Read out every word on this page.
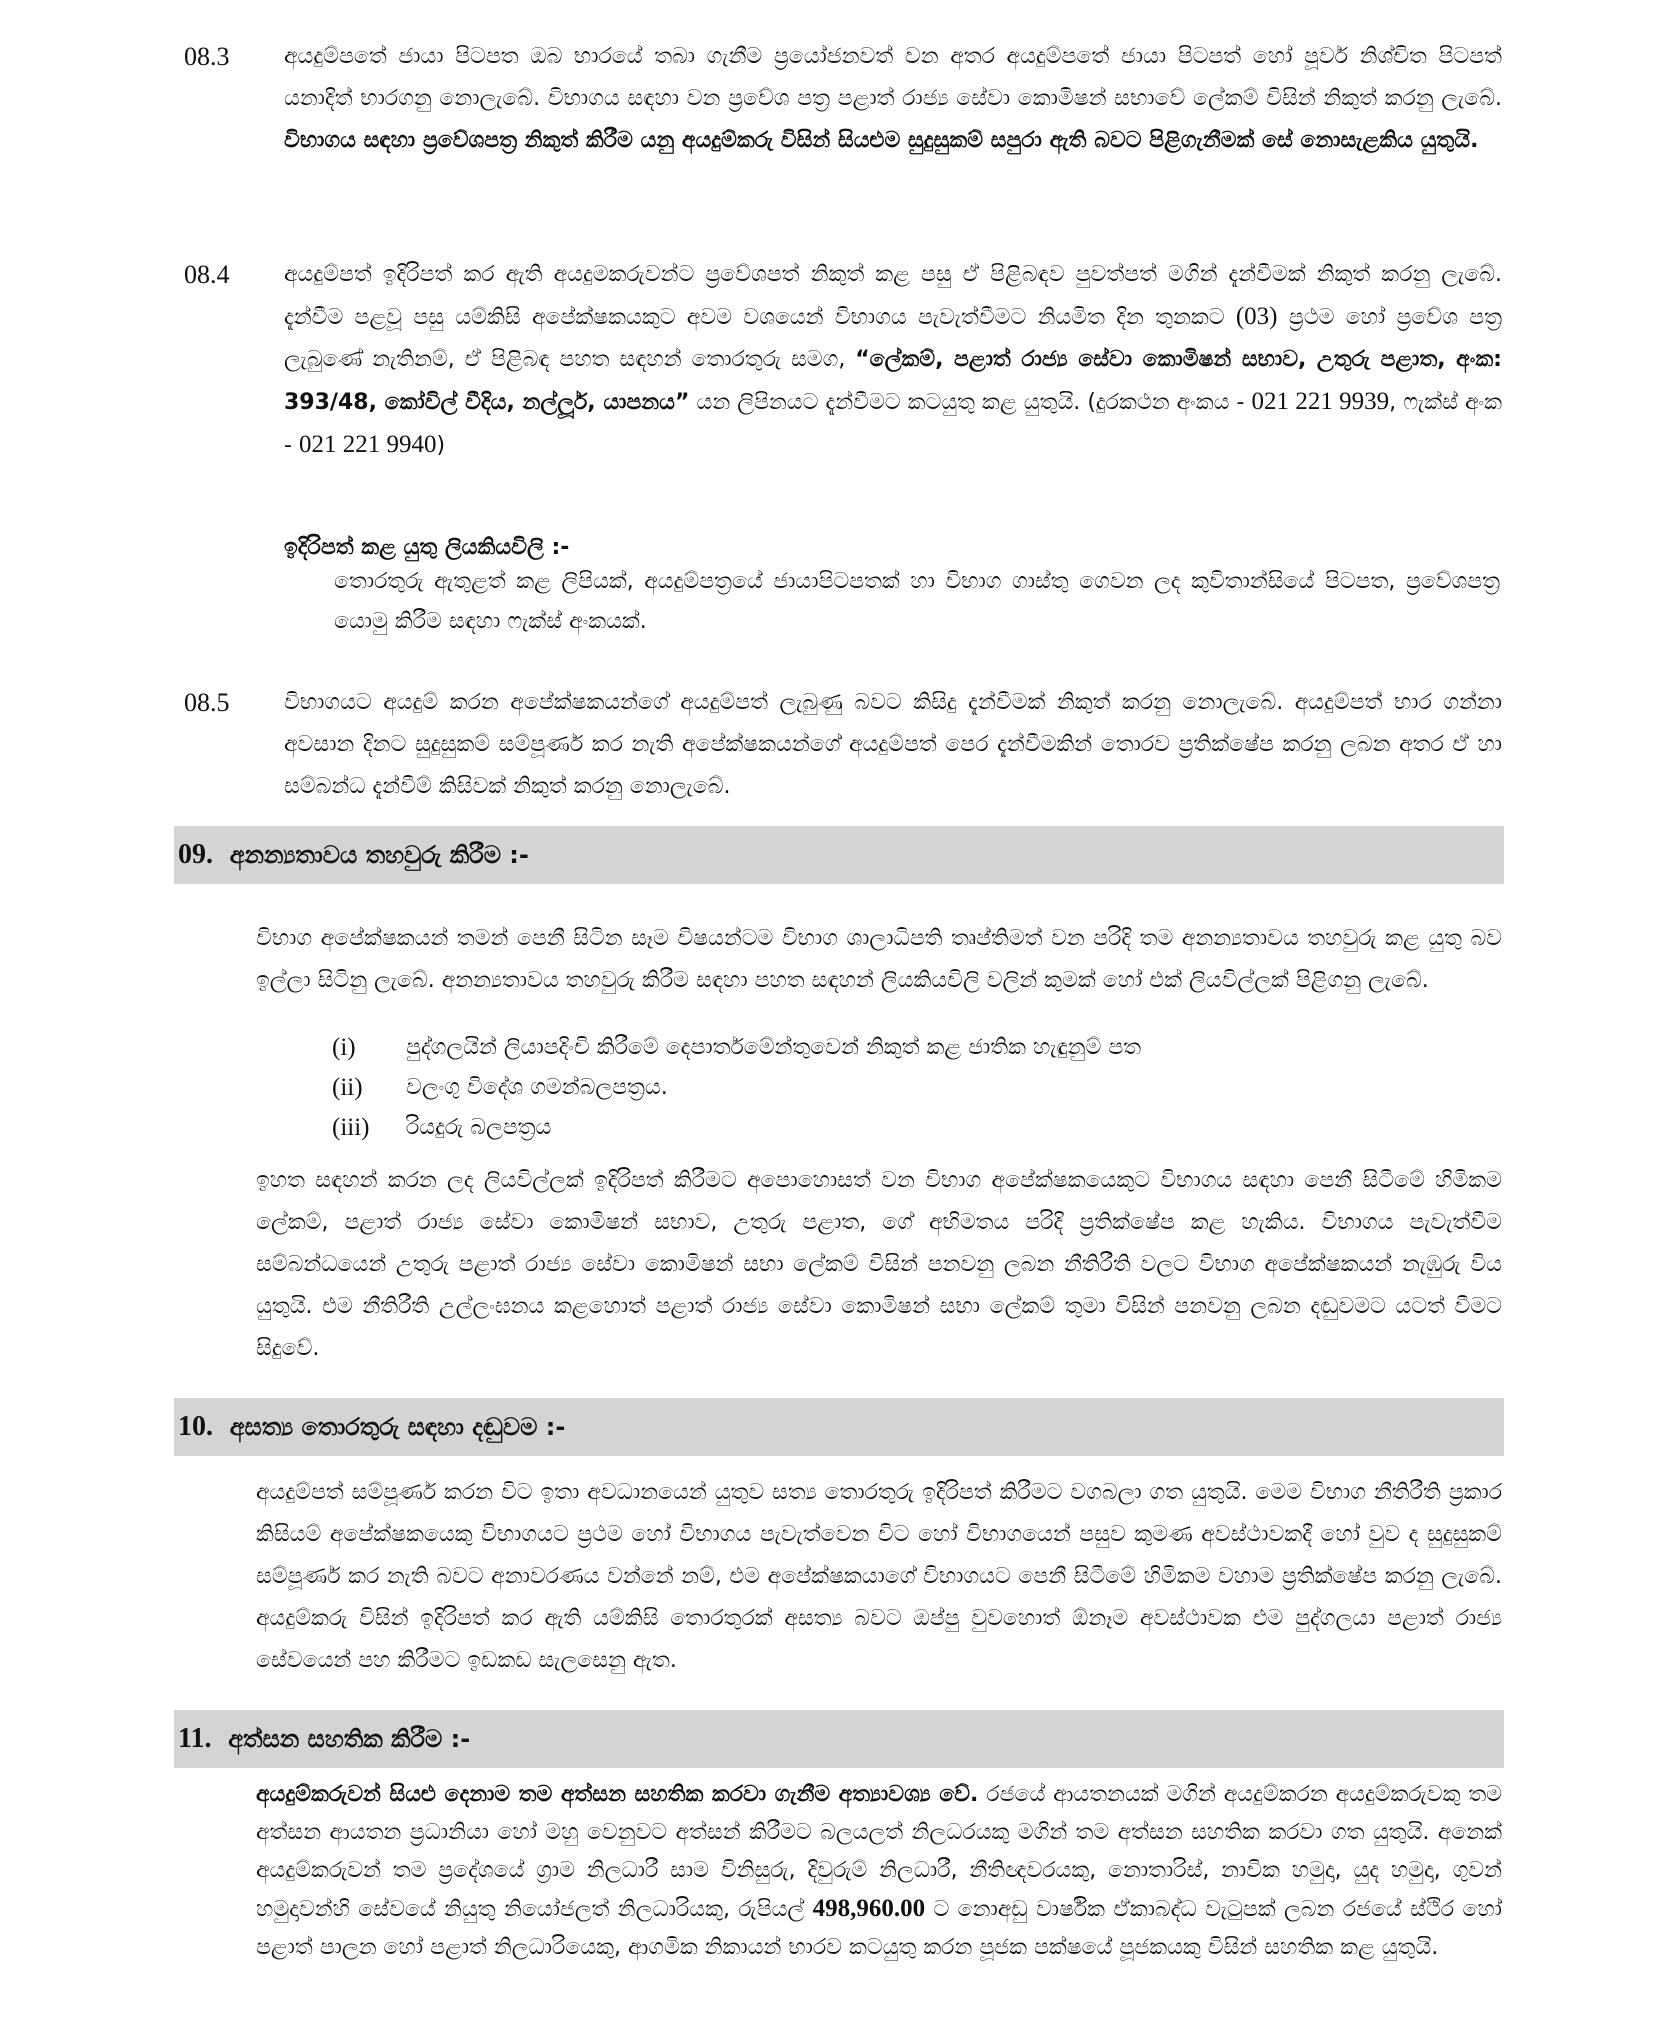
08.3 අයදුම්පතේ ජායා පිටපත ඔබ භාරයේ තබා ගැනීම ප්‍රයෝජනවත් වන අතර අයදුම්පතේ ජායා පිටපත් හෝ පූර්ව නිශ්චිත පිටපත් යනාදිත් භාරගනු නොලැබේ. විභාගය සඳහා වන ප්‍රවේශ පත්‍ර පළාත් රාජ්‍ය සේවා කොමිෂන් සභාවේ ලේකම් විසින් නිකුත් කරනු ලැබේ. විභාගය සඳහා ප්‍රවේශපත්‍ර නිකුත් කිරීම යනු අයදුම්කරු විසින් සියළුම සුදුසුකම් සපුරා ඇති බවට පිළිගැනීමක් සේ නොසැළකිය යුතුයි.
08.4 අයදුම්පත් ඉදිරිපත් කර ඇති අයදුමකරුවන්ට ප්‍රවේශපත් නිකුත් කළ පසු ඒ පිළිබඳව පුවත්පත් මගින් දැන්වීමක් නිකුත් කරනු ලැබේ. දැන්වීම පළවූ පසු යම්කිසි අපේක්ෂකයකුට අවම වශයෙන් විභාගය පැවැත්වීමට නියමිත දින තුනකට (03) ප්‍රථම හෝ ප්‍රවේශ පත්‍ර ලැබුණේ නැතිනම්, ඒ පිළිබඳ පහත සඳහන් තොරතුරු සමග, “ලේකම්, පළාත් රාජ්‍ය සේවා කොමිෂන් සභාව, උතුරු පළාත, අංක: 393/48, කෝවිල් වීදිය, නල්ලූර්, යාපනය” යන ලිපිනයට දැන්වීමට කටයුතු කළ යුතුයි. (දුරකථන අංකය - 021 221 9939, ෆැක්ස් අංක - 021 221 9940)
ඉදිරිපත් කළ යුතු ලියකියවිලි :-
තොරතුරු ඇතුළත් කළ ලිපියක්, අයදුම්පත්‍රයේ ජායාපිටපතක් හා විභාග ගාස්තු ගෙවන ලද කුවිතාන්සියේ පිටපත, ප්‍රවේශපත්‍ර යොමු කිරීම සඳහා ෆැක්ස් අංකයක්.
08.5 විභාගයට අයදුම් කරන අපේක්ෂකයන්ගේ අයදුම්පත් ලැබුණු බවට කිසිදු දැන්වීමක් නිකුත් කරනු නොලැබේ. අයදුම්පත් භාර ගන්නා අවසාන දිනට සුදුසුකම් සම්පූර්ණ කර නැති අපේක්ෂකයන්ගේ අයදුම්පත් පෙර දැන්වීමකින් තොරව ප්‍රතික්ෂේප කරනු ලබන අතර ඒ හා සම්බන්ධ දැන්වීම් කිසිවක් නිකුත් කරනු නොලැබේ.
09. අනන්‍යතාවය තහවුරු කිරීම :-
විභාග අපේක්ෂකයන් තමන් පෙනී සිටින සෑම විෂයන්ටම විභාග ශාලාධිපති තෘප්තිමත් වන පරිදි තම අනන්‍යතාවය තහවුරු කළ යුතු බව ඉල්ලා සිටිනු ලැබේ. අනන්‍යතාවය තහවුරු කිරීම සඳහා පහත සඳහන් ලියකියවිලි වලින් කුමක් හෝ එක් ලියවිල්ලක් පිළිගනු ලැබේ.
(i) පුද්ගලයින් ලියාපදිංචි කිරීමේ දෙපාර්තමේන්තුවෙන් නිකුත් කළ ජාතික හැඳුනුම් පත
(ii) වලංගු විදේශ ගමන්බලපත්‍රය.
(iii) රියදුරු බලපත්‍රය
ඉහත සඳහන් කරන ලද ලියවිල්ලක් ඉදිරිපත් කිරීමට අපොහොසත් වන විභාග අපේක්ෂකයෙකුට විභාගය සඳහා පෙනී සිටීමේ හිමිකම ලේකම්, පළාත් රාජ්‍ය සේවා කොමිෂන් සභාව, උතුරු පළාත, ගේ අභිමතය පරිදි ප්‍රතික්ෂේප කළ හැකිය. විභාගය පැවැත්වීම සම්බන්ධයෙන් උතුරු පළාත් රාජ්‍ය සේවා කොමිෂන් සභා ලේකම් විසින් පනවනු ලබන නීතිරීති වලට විභාග අපේක්ෂකයන් නැඹුරු විය යුතුයි. එම නීතිරීති උල්ලංඝනය කළහොත් පළාත් රාජ්‍ය සේවා කොමිෂන් සභා ලේකම් තුමා විසින් පනවනු ලබන දඬුවමට යටත් වීමට සිදුවේ.
10. අසත්‍ය තොරතුරු සඳහා දඬුවම :-
අයදුම්පත් සම්පූර්ණ කරන විට ඉතා අවධානයෙන් යුතුව සත්‍ය තොරතුරු ඉදිරිපත් කිරීමට වගබලා ගත යුතුයි. මෙම විභාග නීතිරීති ප්‍රකාර කිසියම් අපේක්ෂකයෙකු විභාගයට ප්‍රථම හෝ විභාගය පැවැත්වෙන විට හෝ විභාගයෙන් පසුව කුමණ අවස්ථාවකදී හෝ වුව ද සුදුසුකම් සම්පූර්ණ කර නැති බවට අනාවරණය වන්නේ නම්, එම අපේක්ෂකයාගේ විභාගයට පෙනී සිටීමේ හිමිකම වහාම ප්‍රතික්ෂේප කරනු ලැබේ. අයදුම්කරු විසින් ඉදිරිපත් කර ඇති යම්කිසි තොරතුරක් අසත්‍ය බවට ඔප්පු වුවහොත් ඕනෑම අවස්ථාවක එම පුද්ගලයා පළාත් රාජ්‍ය සේවයෙන් පහ කිරීමට ඉඩකඩ සැලසෙනු ඇත.
11. අත්සන සහතික කිරීම :-
අයදුම්කරුවන් සියළු දෙනාම තම අත්සන සහතික කරවා ගැනීම අත්‍යාවශ්‍ය වේ. රජයේ ආයතනයක් මගින් අයදුම්කරන අයදුම්කරුවකු තම අත්සන ආයතන ප්‍රධානියා හෝ මහු වෙනුවට අත්සන් කිරීමට බලයලත් නිලධරයකු මගින් තම අත්සන සහතික කරවා ගත යුතුයි. අනෙක් අයදුම්කරුවන් තම ප්‍රදේශයේ ග්‍රාම නිලධාරී සාම විනිසුරු, දිවුරුම් නිලධාරී, නීතිඥවරයකු, නොතාරිස්, නාවික හමුදා, යුද හමුදා, ගුවන් හමුදාවන්හි සේවයේ නියුතු නියෝජලත් නිලධාරියකු, රුපියල් 498,960.00 ට නොඅඩු වාර්ෂික ඒකාබද්ධ වැටුපක් ලබන රජයේ ස්ථිර හෝ පළාත් පාලන හෝ පළාත් නිලධාරියෙකු, ආගමික නිකායන් භාරව කටයුතු කරන පූජක පක්ෂයේ පූජකයකු විසින් සහතික කළ යුතුයි.
